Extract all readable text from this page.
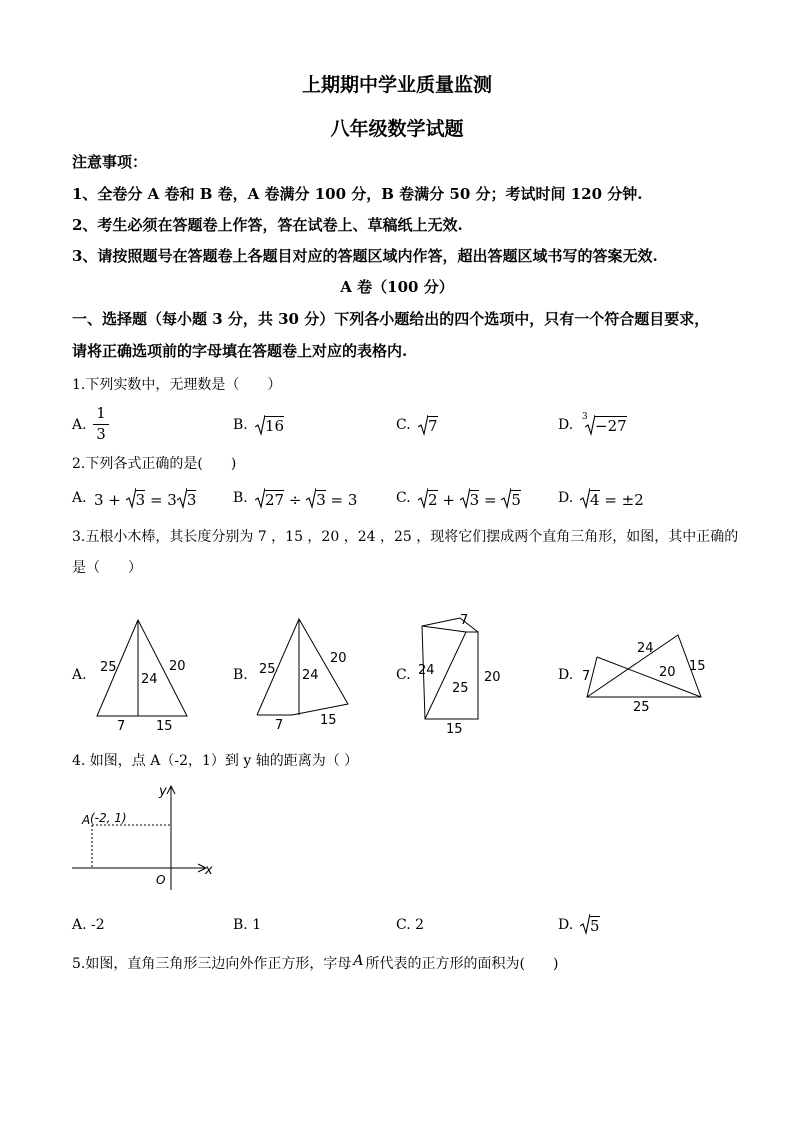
上期期中学业质量监测
八年级数学试题
注意事项：
1、全卷分 A 卷和 B 卷，A 卷满分 100 分，B 卷满分 50 分；考试时间 120 分钟.
2、考生必须在答题卷上作答，答在试卷上、草稿纸上无效.
3、请按照题号在答题卷上各题目对应的答题区域内作答，超出答题区域书写的答案无效.
A 卷（100 分）
一、选择题（每小题 3 分，共 30 分）下列各小题给出的四个选项中，只有一个符合题目要求，
请将正确选项前的字母填在答题卷上对应的表格内.
1.下列实数中，无理数是（　　）
A.
1
3	B. 16	C. 7	D. 3 −27
2.下列各式正确的是(　　)
A. 3 + 3 = 3 3	B. 27 ÷ 3 = 3	C. 2 + 3 = 5	D. 4 = ±2
3.五根小木棒，其长度分别为 7 ，15 ，20 ，24 ，25 ，现将它们摆成两个直角三角形，如图，其中正确的
是（　　）
A. 25
24
20
7 15
B. 25 24
20
7	15
C.
7
24
25
20
15
D.
24
7	20 15
25
4. 如图，点 A（-2，1）到 y 轴的距离为（ ）
A (-2, 1)
y
x
O
A. -2	B. 1	C. 2	D. 5
5.如图，直角三角形三边向外作正方形，字母 A 所代表的正方形的面积为(　　)
